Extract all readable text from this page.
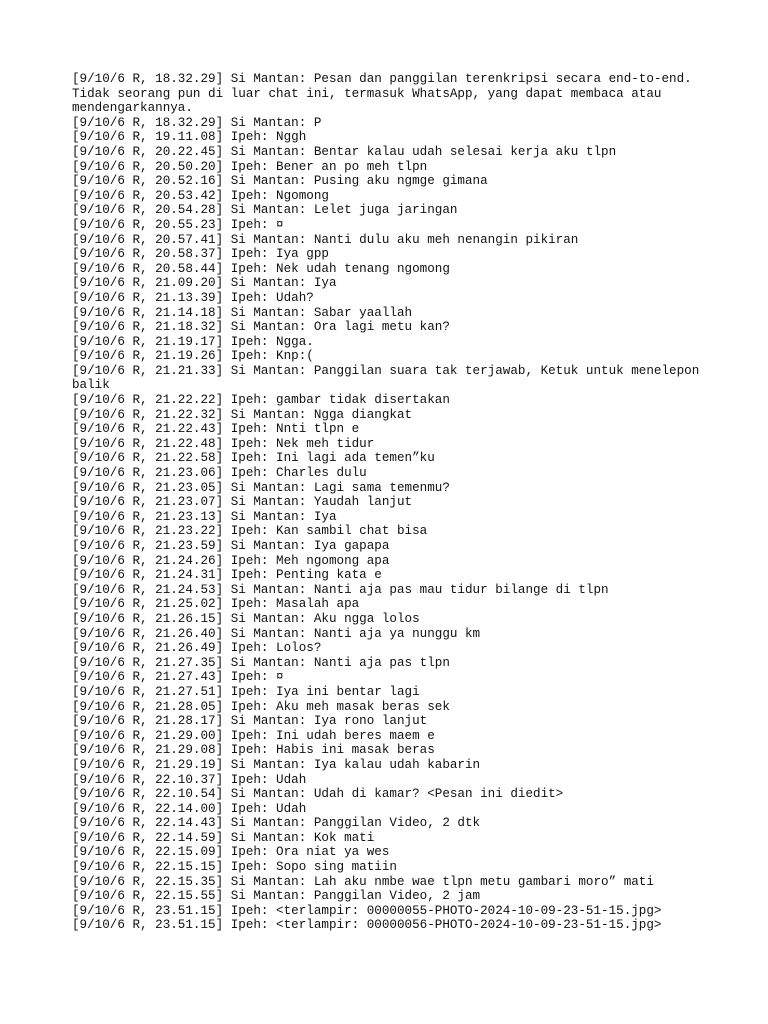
[9/10/6 R, 18.32.29] Si Mantan: Pesan dan panggilan terenkripsi secara end-to-end.
Tidak seorang pun di luar chat ini, termasuk WhatsApp, yang dapat membaca atau
mendengarkannya.
[9/10/6 R, 18.32.29] Si Mantan: P
[9/10/6 R, 19.11.08] Ipeh: Nggh
[9/10/6 R, 20.22.45] Si Mantan: Bentar kalau udah selesai kerja aku tlpn
[9/10/6 R, 20.50.20] Ipeh: Bener an po meh tlpn
[9/10/6 R, 20.52.16] Si Mantan: Pusing aku ngmge gimana
[9/10/6 R, 20.53.42] Ipeh: Ngomong
[9/10/6 R, 20.54.28] Si Mantan: Lelet juga jaringan
[9/10/6 R, 20.55.23] Ipeh: ¤
[9/10/6 R, 20.57.41] Si Mantan: Nanti dulu aku meh nenangin pikiran
[9/10/6 R, 20.58.37] Ipeh: Iya gpp
[9/10/6 R, 20.58.44] Ipeh: Nek udah tenang ngomong
[9/10/6 R, 21.09.20] Si Mantan: Iya
[9/10/6 R, 21.13.39] Ipeh: Udah?
[9/10/6 R, 21.14.18] Si Mantan: Sabar yaallah
[9/10/6 R, 21.18.32] Si Mantan: Ora lagi metu kan?
[9/10/6 R, 21.19.17] Ipeh: Ngga.
[9/10/6 R, 21.19.26] Ipeh: Knp:(
[9/10/6 R, 21.21.33] Si Mantan: Panggilan suara tak terjawab, Ketuk untuk menelepon
balik
[9/10/6 R, 21.22.22] Ipeh: gambar tidak disertakan
[9/10/6 R, 21.22.32] Si Mantan: Ngga diangkat
[9/10/6 R, 21.22.43] Ipeh: Nnti tlpn e
[9/10/6 R, 21.22.48] Ipeh: Nek meh tidur
[9/10/6 R, 21.22.58] Ipeh: Ini lagi ada temen”ku
[9/10/6 R, 21.23.06] Ipeh: Charles dulu
[9/10/6 R, 21.23.05] Si Mantan: Lagi sama temenmu?
[9/10/6 R, 21.23.07] Si Mantan: Yaudah lanjut
[9/10/6 R, 21.23.13] Si Mantan: Iya
[9/10/6 R, 21.23.22] Ipeh: Kan sambil chat bisa
[9/10/6 R, 21.23.59] Si Mantan: Iya gapapa
[9/10/6 R, 21.24.26] Ipeh: Meh ngomong apa
[9/10/6 R, 21.24.31] Ipeh: Penting kata e
[9/10/6 R, 21.24.53] Si Mantan: Nanti aja pas mau tidur bilange di tlpn
[9/10/6 R, 21.25.02] Ipeh: Masalah apa
[9/10/6 R, 21.26.15] Si Mantan: Aku ngga lolos
[9/10/6 R, 21.26.40] Si Mantan: Nanti aja ya nunggu km
[9/10/6 R, 21.26.49] Ipeh: Lolos?
[9/10/6 R, 21.27.35] Si Mantan: Nanti aja pas tlpn
[9/10/6 R, 21.27.43] Ipeh: ¤
[9/10/6 R, 21.27.51] Ipeh: Iya ini bentar lagi
[9/10/6 R, 21.28.05] Ipeh: Aku meh masak beras sek
[9/10/6 R, 21.28.17] Si Mantan: Iya rono lanjut
[9/10/6 R, 21.29.00] Ipeh: Ini udah beres maem e
[9/10/6 R, 21.29.08] Ipeh: Habis ini masak beras
[9/10/6 R, 21.29.19] Si Mantan: Iya kalau udah kabarin
[9/10/6 R, 22.10.37] Ipeh: Udah
[9/10/6 R, 22.10.54] Si Mantan: Udah di kamar? <Pesan ini diedit>
[9/10/6 R, 22.14.00] Ipeh: Udah
[9/10/6 R, 22.14.43] Si Mantan: Panggilan Video, 2 dtk
[9/10/6 R, 22.14.59] Si Mantan: Kok mati
[9/10/6 R, 22.15.09] Ipeh: Ora niat ya wes
[9/10/6 R, 22.15.15] Ipeh: Sopo sing matiin
[9/10/6 R, 22.15.35] Si Mantan: Lah aku nmbe wae tlpn metu gambari moro” mati
[9/10/6 R, 22.15.55] Si Mantan: Panggilan Video, 2 jam
[9/10/6 R, 23.51.15] Ipeh: <terlampir: 00000055-PHOTO-2024-10-09-23-51-15.jpg>
[9/10/6 R, 23.51.15] Ipeh: <terlampir: 00000056-PHOTO-2024-10-09-23-51-15.jpg>
